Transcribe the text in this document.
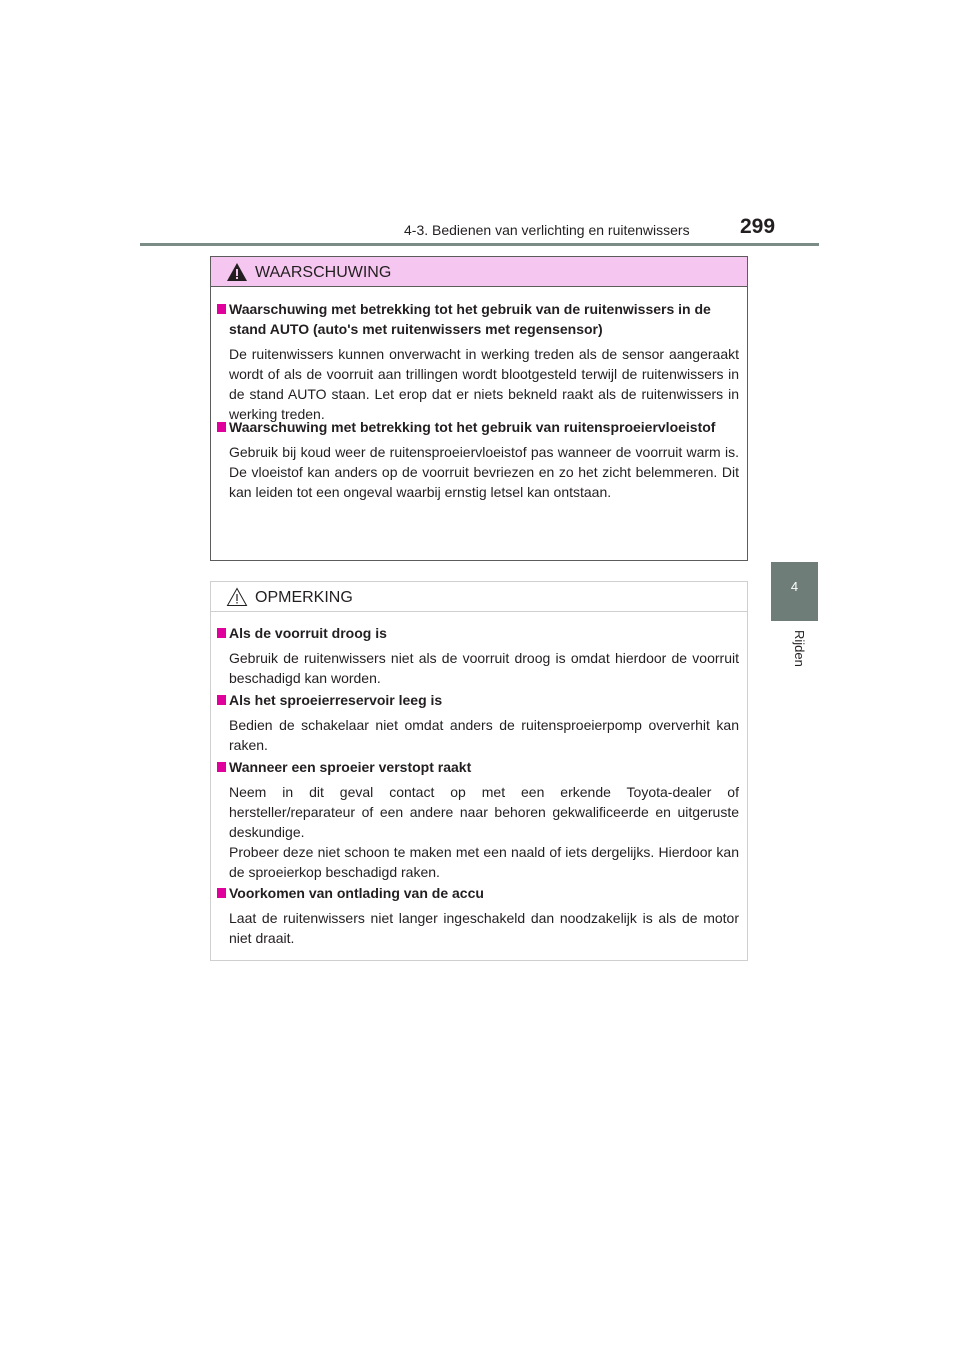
4-3. Bedienen van verlichting en ruitenwissers 299
4
Rijden
WAARSCHUWING
Waarschuwing met betrekking tot het gebruik van de ruitenwissers in de stand AUTO (auto's met ruitenwissers met regensensor)
De ruitenwissers kunnen onverwacht in werking treden als de sensor aangeraakt wordt of als de voorruit aan trillingen wordt blootgesteld terwijl de ruitenwissers in de stand AUTO staan. Let erop dat er niets bekneld raakt als de ruitenwissers in werking treden.
Waarschuwing met betrekking tot het gebruik van ruitensproeiervloeistof
Gebruik bij koud weer de ruitensproeiervloeistof pas wanneer de voorruit warm is. De vloeistof kan anders op de voorruit bevriezen en zo het zicht belemmeren. Dit kan leiden tot een ongeval waarbij ernstig letsel kan ontstaan.
OPMERKING
Als de voorruit droog is
Gebruik de ruitenwissers niet als de voorruit droog is omdat hierdoor de voorruit beschadigd kan worden.
Als het sproeierreservoir leeg is
Bedien de schakelaar niet omdat anders de ruitensproeierpomp oververhit kan raken.
Wanneer een sproeier verstopt raakt
Neem in dit geval contact op met een erkende Toyota-dealer of hersteller/reparateur of een andere naar behoren gekwalificeerde en uitgeruste deskundige.
Probeer deze niet schoon te maken met een naald of iets dergelijks. Hierdoor kan de sproeierkop beschadigd raken.
Voorkomen van ontlading van de accu
Laat de ruitenwissers niet langer ingeschakeld dan noodzakelijk is als de motor niet draait.
